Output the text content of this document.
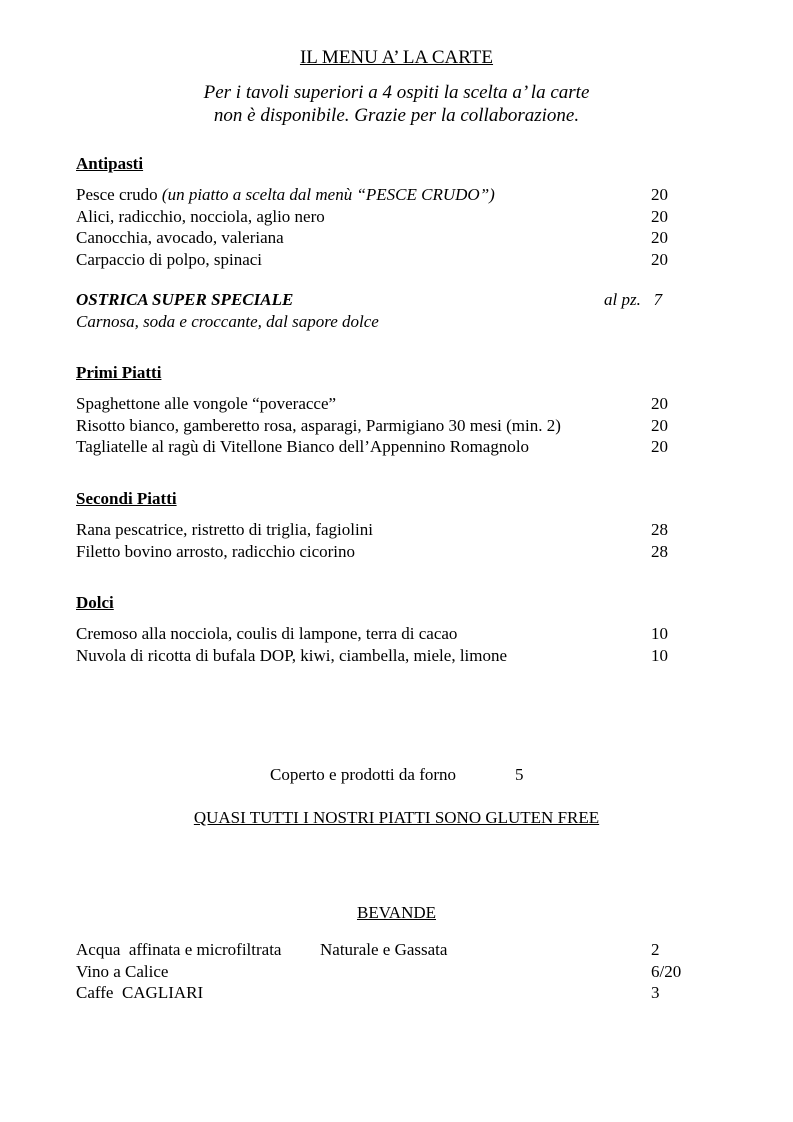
IL MENU A’ LA CARTE
Per i tavoli superiori a 4 ospiti la scelta a’ la carte
non è disponibile. Grazie per la collaborazione.
Antipasti
Pesce crudo (un piatto a scelta dal menù “PESCE CRUDO”)	20
Alici, radicchio, nocciola, aglio nero	20
Canocchia, avocado, valeriana	20
Carpaccio di polpo, spinaci	20
OSTRICA SUPER SPECIALE	al pz.   7
Carnosa, soda e croccante, dal sapore dolce
Primi Piatti
Spaghettone alle vongole “poveracce”	20
Risotto bianco, gamberetto rosa, asparagi, Parmigiano 30 mesi (min. 2)	20
Tagliatelle al ragù di Vitellone Bianco dell’Appennino Romagnolo	20
Secondi Piatti
Rana pescatrice, ristretto di triglia, fagiolini	28
Filetto bovino arrosto, radicchio cicorino	28
Dolci
Cremoso alla nocciola, coulis di lampone, terra di cacao	10
Nuvola di ricotta di bufala DOP, kiwi, ciambella, miele, limone	10
Coperto e prodotti da forno	5
QUASI TUTTI I NOSTRI PIATTI SONO GLUTEN FREE
BEVANDE
Acqua  affinata e microfiltrata Naturale e Gassata	2
Vino a Calice	6/20
Caffe  CAGLIARI	3
